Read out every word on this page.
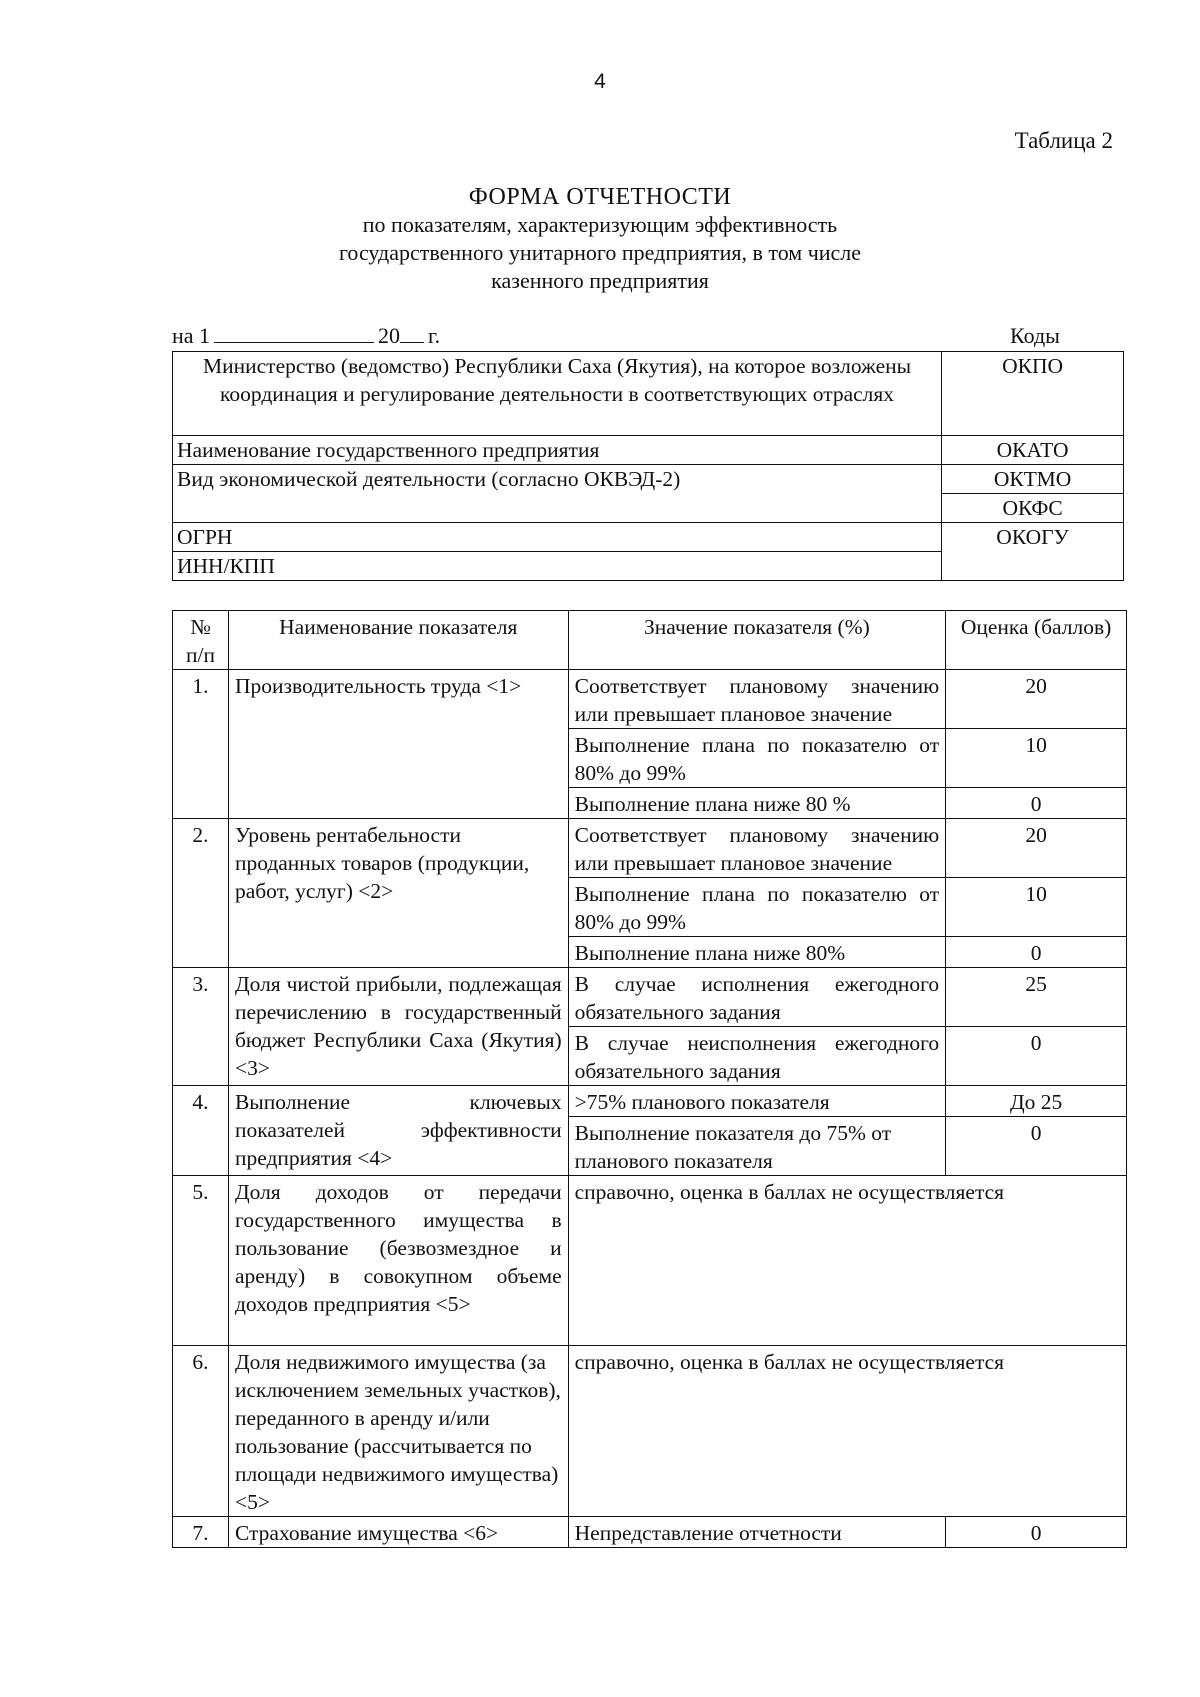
4
Таблица 2
ФОРМА ОТЧЕТНОСТИ
по показателям, характеризующим эффективность
государственного унитарного предприятия, в том числе
казенного предприятия
на 1	20 г.	Коды
Министерство (ведомство) Республики Саха (Якутия), на которое возложены координация и регулирование деятельности в соответствующих отраслях	ОКПО
Наименование государственного предприятия	ОКАТО
Вид экономической деятельности (согласно ОКВЭД-2)	ОКТМО
	ОКФС
ОГРН	ОКОГУ
ИНН/КПП	
№ п/п	Наименование показателя	Значение показателя (%)	Оценка (баллов)
1.	Производительность труда <1>	Соответствует плановому значению или превышает плановое значение	20
		Выполнение плана по показателю от 80% до 99%	10
		Выполнение плана ниже 80 %	0
2.	Уровень рентабельности проданных товаров (продукции, работ, услуг) <2>	Соответствует плановому значению или превышает плановое значение	20
		Выполнение плана по показателю от 80% до 99%	10
		Выполнение плана ниже 80%	0
3.	Доля чистой прибыли, подлежащая перечислению в государственный бюджет Республики Саха (Якутия) <3>	В случае исполнения ежегодного обязательного задания	25
		В случае неисполнения ежегодного обязательного задания	0
4.	Выполнение ключевых показателей эффективности предприятия <4>	>75% планового показателя	До 25
		Выполнение показателя до 75% от планового показателя	0
5.	Доля доходов от передачи государственного имущества в пользование (безвозмездное и аренду) в совокупном объеме доходов предприятия <5>	справочно, оценка в баллах не осуществляется	
6.	Доля недвижимого имущества (за исключением земельных участков), переданного в аренду и/или пользование (рассчитывается по площади недвижимого имущества) <5>	справочно, оценка в баллах не осуществляется	
7.	Страхование имущества <6>	Непредставление отчетности	0
